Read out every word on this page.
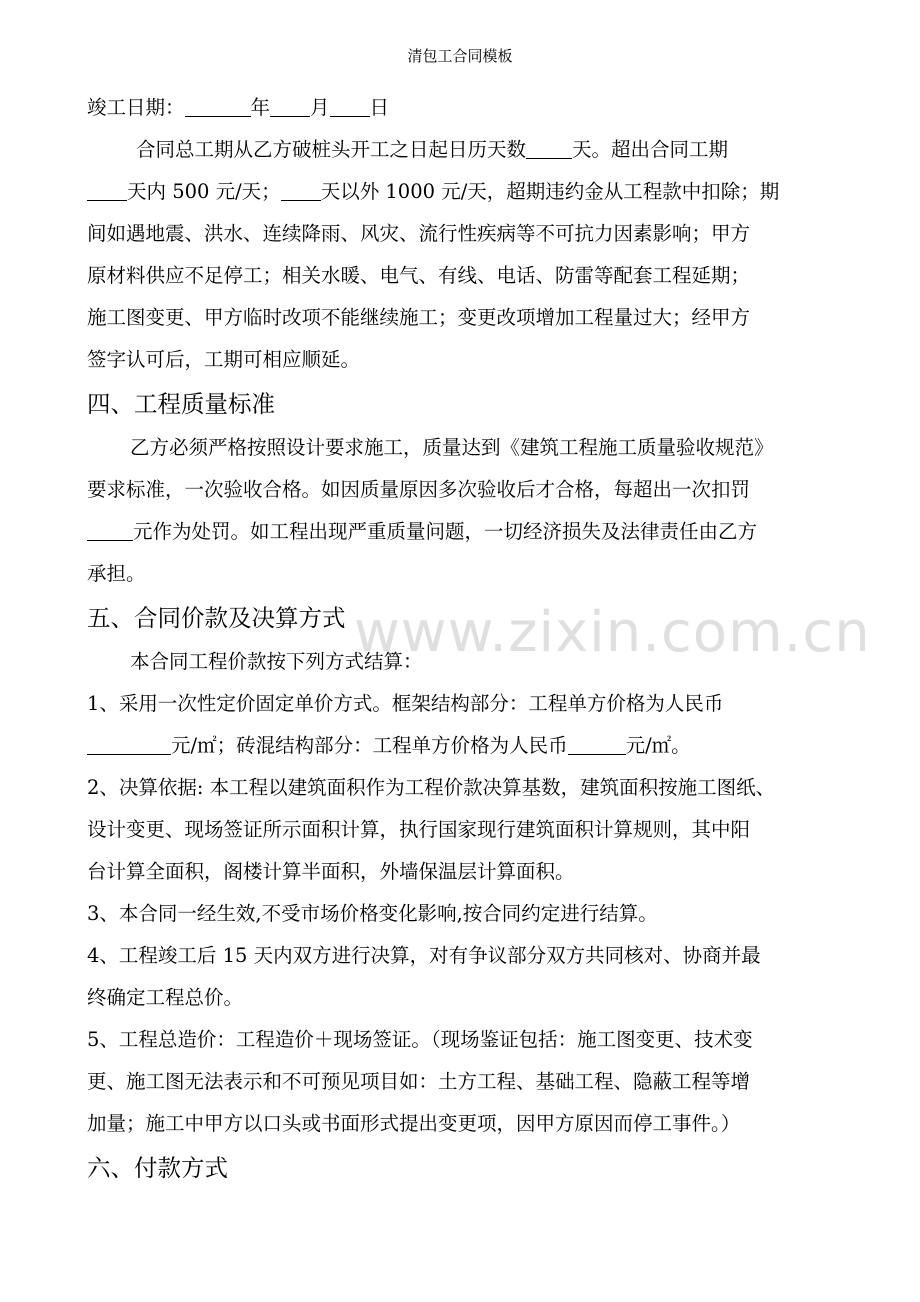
清包工合同模板
竣工日期：	年 月 日
合同总工期从乙方破桩头开工之日起日历天数 天。超出合同工期
天内 500 元/天； 天以外 1000 元/天，超期违约金从工程款中扣除；期
间如遇地震、洪水、连续降雨、风灾、流行性疾病等不可抗力因素影响；甲方
原材料供应不足停工；相关水暖、电气、有线、电话、防雷等配套工程延期；
施工图变更、甲方临时改项不能继续施工；变更改项增加工程量过大；经甲方
签字认可后，工期可相应顺延。
四、工程质量标准
乙方必须严格按照设计要求施工，质量达到《建筑工程施工质量验收规范》
要求标准，一次验收合格。如因质量原因多次验收后才合格，每超出一次扣罚
元作为处罚。如工程出现严重质量问题，一切经济损失及法律责任由乙方
承担。
五、合同价款及决算方式
本合同工程价款按下列方式结算：
1、采用一次性定价固定单价方式。框架结构部分：工程单方价格为人民币
元/㎡；砖混结构部分：工程单方价格为人民币	元/㎡。
2、决算依据: 本工程以建筑面积作为工程价款决算基数，建筑面积按施工图纸、
设计变更、现场签证所示面积计算，执行国家现行建筑面积计算规则，其中阳
台计算全面积，阁楼计算半面积，外墙保温层计算面积。
3、本合同一经生效,不受市场价格变化影响,按合同约定进行结算。
4、工程竣工后 15 天内双方进行决算，对有争议部分双方共同核对、协商并最
终确定工程总价。
5、工程总造价：工程造价＋现场签证。（现场鉴证包括：施工图变更、技术变
更、施工图无法表示和不可预见项目如：土方工程、基础工程、隐蔽工程等增
加量；施工中甲方以口头或书面形式提出变更项，因甲方原因而停工事件。）
六、付款方式
www.zixin.com.cn
